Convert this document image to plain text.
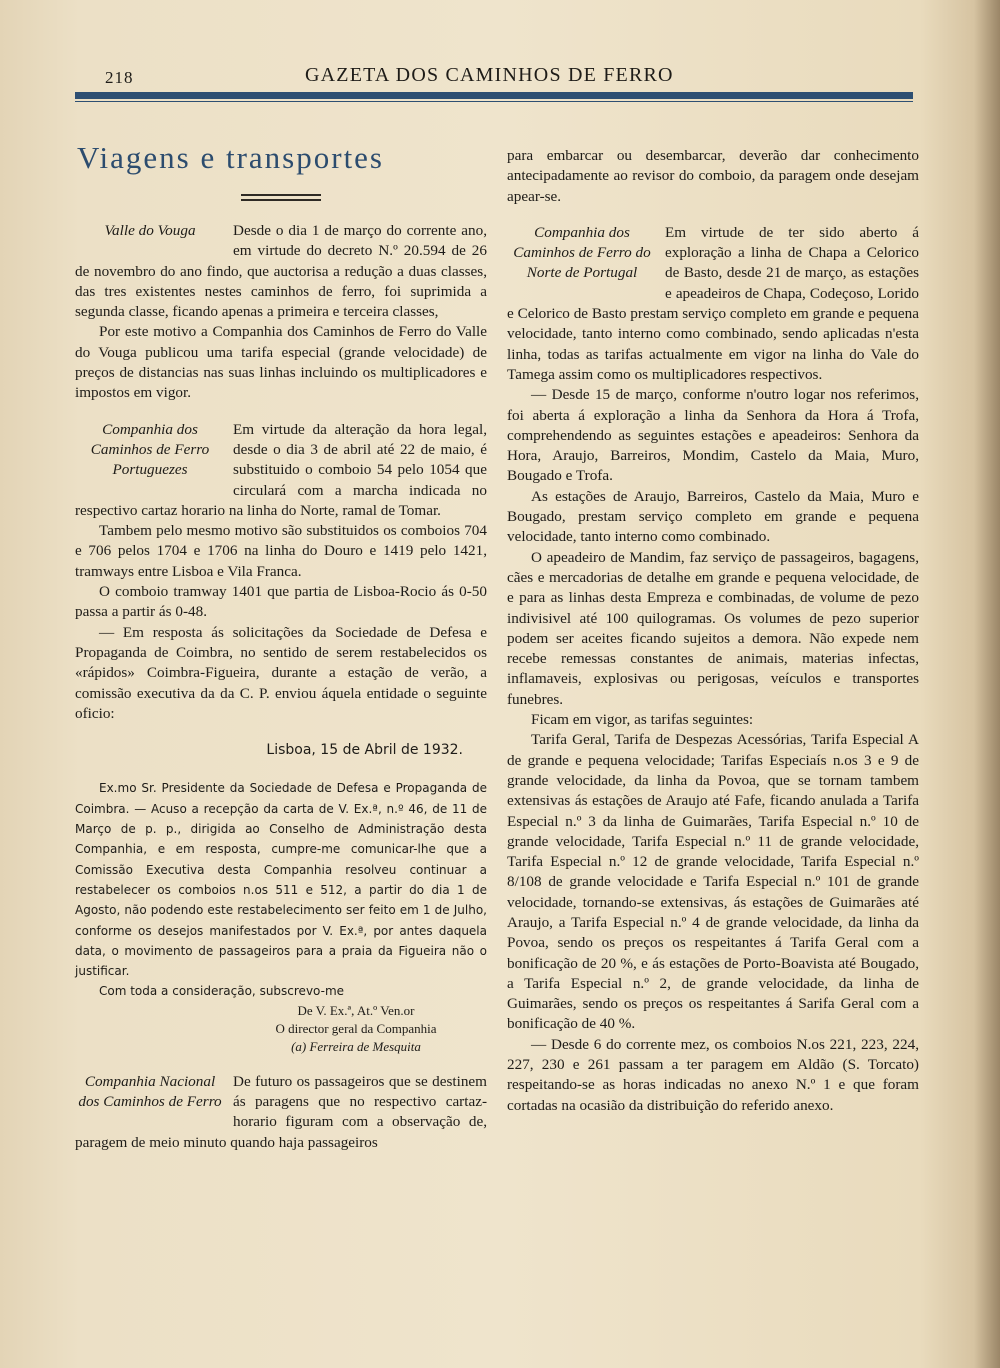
218	GAZETA DOS CAMINHOS DE FERRO
Viagens e transportes
Valle do Vouga	Desde o dia 1 de março do corrente ano, em virtude do decreto N.º 20.594 de 26 de novembro do ano findo, que auctorisa a redução a duas classes, das tres existentes nestes caminhos de ferro, foi suprimida a segunda classe, ficando apenas a primeira e terceira classes,

Por este motivo a Companhia dos Caminhos de Ferro do Valle do Vouga publicou uma tarifa especial (grande velocidade) de preços de distancias nas suas linhas incluindo os multiplicadores e impostos em vigor.

Companhia dos Caminhos de Ferro Portuguezes

Em virtude da alteração da hora legal, desde o dia 3 de abril até 22 de maio, é substituido o comboio 54 pelo 1054 que circulará com a marcha indicada no respectivo cartaz horario na linha do Norte, ramal de Tomar.

Tambem pelo mesmo motivo são substituidos os comboios 704 e 706 pelos 1704 e 1706 na linha do Douro e 1419 pelo 1421, tramways entre Lisboa e Vila Franca.

O comboio tramway 1401 que partia de Lisboa-Rocio ás 0-50 passa a partir ás 0-48.

— Em resposta ás solicitações da Sociedade de Defesa e Propaganda de Coimbra, no sentido de serem restabelecidos os «rápidos» Coimbra-Figueira, durante a estação de verão, a comissão executiva da da C. P. enviou áquela entidade o seguinte oficio:

Lisboa, 15 de Abril de 1932.

Ex.mo Sr. Presidente da Sociedade de Defesa e Propaganda de Coimbra. — Acuso a recepção da carta de V. Ex.ª, n.º 46, de 11 de Março de p. p., dirigida ao Conselho de Administração desta Companhia, e em resposta, cumpre-me comunicar-lhe que a Comissão Executiva desta Companhia resolveu continuar a restabelecer os comboios n.os 511 e 512, a partir do dia 1 de Agosto, não podendo este restabelecimento ser feito em 1 de Julho, conforme os desejos manifestados por V. Ex.ª, por antes daquela data, o movimento de passageiros para a praia da Figueira não o justificar.

Com toda a consideração, subscrevo-me

De V. Ex.ª, At.º Ven.or
O director geral da Companhia
(a) Ferreira de Mesquita
Companhia Nacional dos Caminhos de Ferro

De futuro os passageiros que se destinem ás paragens que no respectivo cartaz-horario figuram com a observação de, paragem de meio minuto quando haja passageiros

para embarcar ou desembarcar, deverão dar conhecimento antecipadamente ao revisor do comboio, da paragem onde desejam apear-se.

Companhia dos Caminhos de Ferro do Norte de Portugal

Em virtude de ter sido aberto á exploração a linha de Chapa a Celorico de Basto, desde 21 de março, as estações e apeadeiros de Chapa, Codeçoso, Lorido e Celorico de Basto prestam serviço completo em grande e pequena velocidade, tanto interno como combinado, sendo aplicadas n'esta linha, todas as tarifas actualmente em vigor na linha do Vale do Tamega assim como os multiplicadores respectivos.

— Desde 15 de março, conforme n'outro logar nos referimos, foi aberta á exploração a linha da Senhora da Hora á Trofa, comprehendendo as seguintes estações e apeadeiros: Senhora da Hora, Araujo, Barreiros, Mondim, Castelo da Maia, Muro, Bougado e Trofa.

As estações de Araujo, Barreiros, Castelo da Maia, Muro e Bougado, prestam serviço completo em grande e pequena velocidade, tanto interno como combinado.

O apeadeiro de Mandim, faz serviço de passageiros, bagagens, cães e mercadorias de detalhe em grande e pequena velocidade, de e para as linhas desta Empreza e combinadas, de volume de pezo indivisivel até 100 quilogramas. Os volumes de pezo superior podem ser aceites ficando sujeitos a demora. Não expede nem recebe remessas constantes de animais, materias infectas, inflamaveis, explosivas ou perigosas, veículos e transportes funebres.

Ficam em vigor, as tarifas seguintes:

Tarifa Geral, Tarifa de Despezas Acessórias, Tarifa Especial A de grande e pequena velocidade; Tarifas Especiaís n.os 3 e 9 de grande velocidade, da linha da Povoa, que se tornam tambem extensivas ás estações de Araujo até Fafe, ficando anulada a Tarifa Especial n.º 3 da linha de Guimarães, Tarifa Especial n.º 10 de grande velocidade, Tarifa Especial n.º 11 de grande velocidade, Tarifa Especial n.º 12 de grande velocidade, Tarifa Especial n.º 8/108 de grande velocidade e Tarifa Especial n.º 101 de grande velocidade, tornando-se extensivas, ás estações de Guimarães até Araujo, a Tarifa Especial n.º 4 de grande velocidade, da linha da Povoa, sendo os preços os respeitantes á Tarifa Geral com a bonificação de 20 %, e ás estações de Porto-Boavista até Bougado, a Tarifa Especial n.º 2, de grande velocidade, da linha de Guimarães, sendo os preços os respeitantes á Sarifa Geral com a bonificação de 40 %.

— Desde 6 do corrente mez, os comboios N.os 221, 223, 224, 227, 230 e 261 passam a ter paragem em Aldão (S. Torcato) respeitando-se as horas indicadas no anexo N.º 1 e que foram cortadas na ocasião da distribuição do referido anexo.
